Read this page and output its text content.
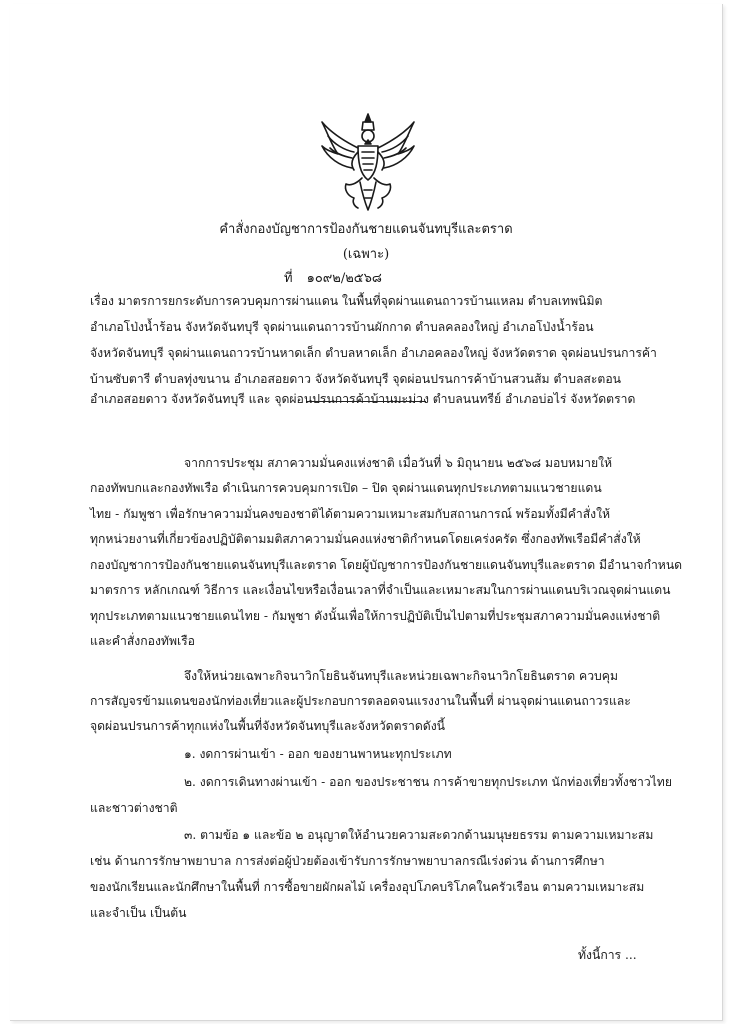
คำสั่งกองบัญชาการป้องกันชายแดนจันทบุรีและตราด
(เฉพาะ)
ที่ ๑๐๙๒/๒๕๖๘
เรื่อง มาตรการยกระดับการควบคุมการผ่านแดน ในพื้นที่จุดผ่านแดนถาวรบ้านแหลม ตำบลเทพนิมิต
อำเภอโป่งน้ำร้อน จังหวัดจันทบุรี จุดผ่านแดนถาวรบ้านผักกาด ตำบลคลองใหญ่ อำเภอโป่งน้ำร้อน
จังหวัดจันทบุรี จุดผ่านแดนถาวรบ้านหาดเล็ก ตำบลหาดเล็ก อำเภอคลองใหญ่ จังหวัดตราด จุดผ่อนปรนการค้า
บ้านซับตารี ตำบลทุ่งขนาน อำเภอสอยดาว จังหวัดจันทบุรี จุดผ่อนปรนการค้าบ้านสวนส้ม ตำบลสะตอน
อำเภอสอยดาว จังหวัดจันทบุรี และ จุดผ่อนปรนการค้าบ้านมะม่วง ตำบลนนทรีย์ อำเภอบ่อไร่ จังหวัดตราด
จากการประชุม สภาความมั่นคงแห่งชาติ เมื่อวันที่ ๖ มิถุนายน ๒๕๖๘ มอบหมายให้
กองทัพบกและกองทัพเรือ ดำเนินการควบคุมการเปิด – ปิด จุดผ่านแดนทุกประเภทตามแนวชายแดน
ไทย - กัมพูชา เพื่อรักษาความมั่นคงของชาติได้ตามความเหมาะสมกับสถานการณ์ พร้อมทั้งมีคำสั่งให้
ทุกหน่วยงานที่เกี่ยวข้องปฏิบัติตามมติสภาความมั่นคงแห่งชาติกำหนดโดยเคร่งครัด ซึ่งกองทัพเรือมีคำสั่งให้
กองบัญชาการป้องกันชายแดนจันทบุรีและตราด โดยผู้บัญชาการป้องกันชายแดนจันทบุรีและตราด มีอำนาจกำหนด
มาตรการ หลักเกณฑ์ วิธีการ และเงื่อนไขหรือเงื่อนเวลาที่จำเป็นและเหมาะสมในการผ่านแดนบริเวณจุดผ่านแดน
ทุกประเภทตามแนวชายแดนไทย - กัมพูชา ดังนั้นเพื่อให้การปฏิบัติเป็นไปตามที่ประชุมสภาความมั่นคงแห่งชาติ
และคำสั่งกองทัพเรือ
จึงให้หน่วยเฉพาะกิจนาวิกโยธินจันทบุรีและหน่วยเฉพาะกิจนาวิกโยธินตราด ควบคุม
การสัญจรข้ามแดนของนักท่องเที่ยวและผู้ประกอบการตลอดจนแรงงานในพื้นที่ ผ่านจุดผ่านแดนถาวรและ
จุดผ่อนปรนการค้าทุกแห่งในพื้นที่จังหวัดจันทบุรีและจังหวัดตราดดังนี้
๑. งดการผ่านเข้า - ออก ของยานพาหนะทุกประเภท
๒. งดการเดินทางผ่านเข้า - ออก ของประชาชน การค้าขายทุกประเภท นักท่องเที่ยวทั้งชาวไทย
และชาวต่างชาติ
๓. ตามข้อ ๑ และข้อ ๒ อนุญาตให้อำนวยความสะดวกด้านมนุษยธรรม ตามความเหมาะสม
เช่น ด้านการรักษาพยาบาล การส่งต่อผู้ป่วยต้องเข้ารับการรักษาพยาบาลกรณีเร่งด่วน ด้านการศึกษา
ของนักเรียนและนักศึกษาในพื้นที่ การซื้อขายผักผลไม้ เครื่องอุปโภคบริโภคในครัวเรือน ตามความเหมาะสม
และจำเป็น เป็นต้น
ทั้งนี้การ ...
